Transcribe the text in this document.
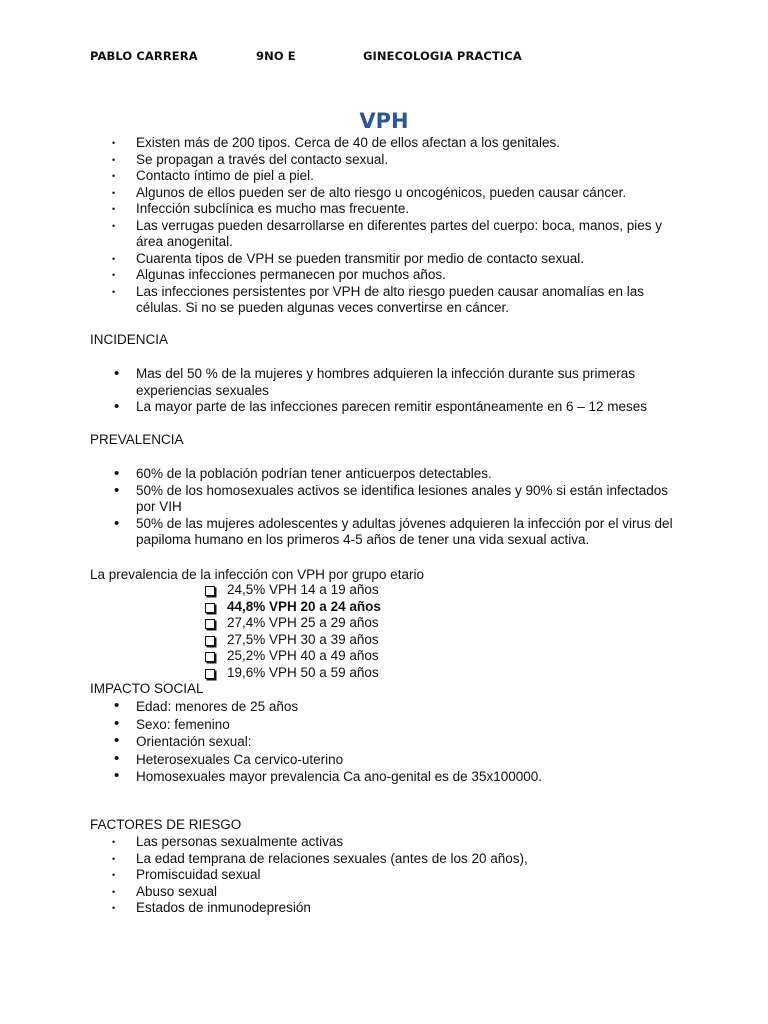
PABLO CARRERA	9NO E	GINECOLOGIA PRACTICA
VPH
• Existen más de 200 tipos. Cerca de 40 de ellos afectan a los genitales.
• Se propagan a través del contacto sexual.
• Contacto íntimo de piel a piel.
• Algunos de ellos pueden ser de alto riesgo u oncogénicos, pueden causar cáncer.
• Infección subclínica es mucho mas frecuente.
• Las verrugas pueden desarrollarse en diferentes partes del cuerpo: boca, manos, pies y área anogenital.
• Cuarenta tipos de VPH se pueden transmitir por medio de contacto sexual.
• Algunas infecciones permanecen por muchos años.
• Las infecciones persistentes por VPH de alto riesgo pueden causar anomalías en las células. Si no se pueden algunas veces convertirse en cáncer.
INCIDENCIA
• Mas del 50 % de la mujeres y hombres adquieren la infección durante sus primeras experiencias sexuales
• La mayor parte de las infecciones parecen remitir espontáneamente en 6 – 12 meses
PREVALENCIA
• 60% de la población podrían tener anticuerpos detectables.
• 50% de los homosexuales activos se identifica lesiones anales y 90% si están infectados por VIH
• 50% de las mujeres adolescentes y adultas jóvenes adquieren la infección por el virus del papiloma humano en los primeros 4-5 años de tener una vida sexual activa.
La prevalencia de la infección con VPH por grupo etario
24,5% VPH 14 a 19 años
44,8% VPH 20 a 24 años
27,4% VPH 25 a 29 años
27,5% VPH 30 a 39 años
25,2% VPH 40 a 49 años
19,6% VPH 50 a 59 años
IMPACTO SOCIAL
• Edad: menores de 25 años
• Sexo: femenino
• Orientación sexual:
• Heterosexuales Ca cervico-uterino
• Homosexuales mayor prevalencia Ca ano-genital es de 35x100000.
FACTORES DE RIESGO
• Las personas sexualmente activas
• La edad temprana de relaciones sexuales (antes de los 20 años),
• Promiscuidad sexual
• Abuso sexual
• Estados de inmunodepresión
